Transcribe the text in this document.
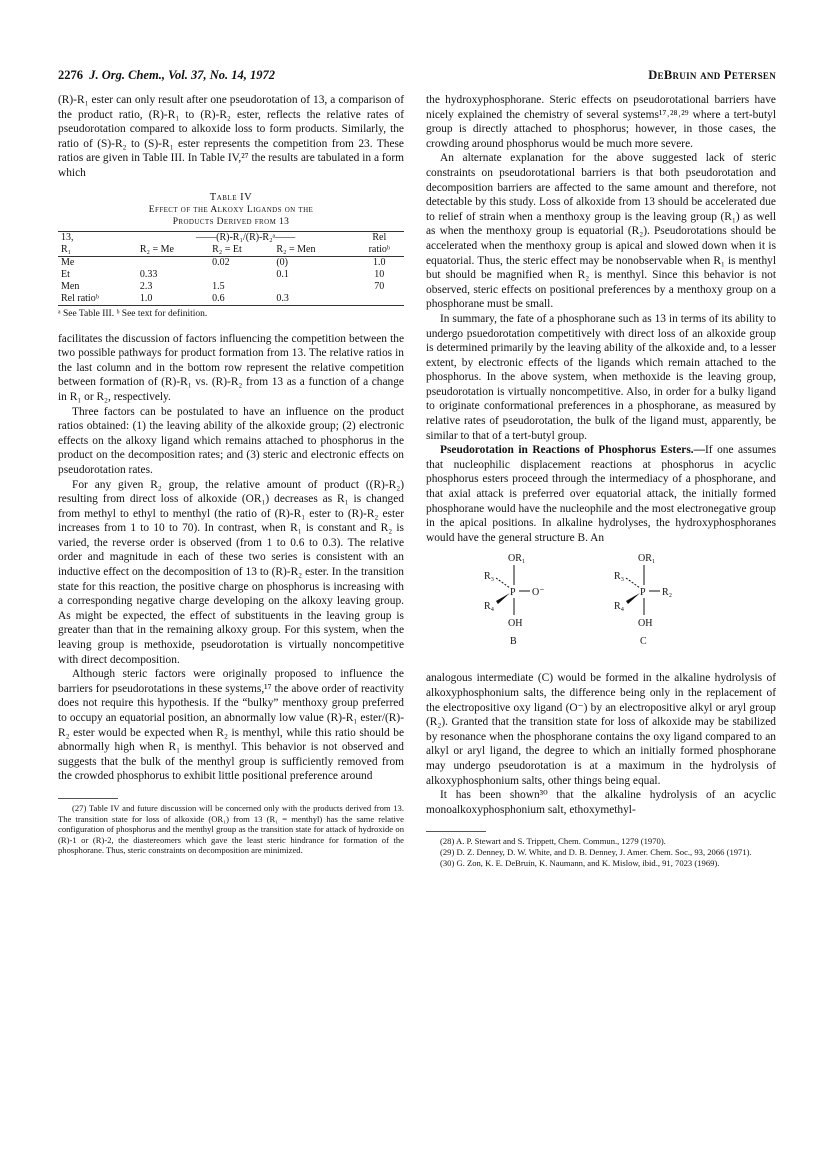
2276 J. Org. Chem., Vol. 37, No. 14, 1972	DeBruin and Petersen

(R)-R₁ ester can only result after one pseudorotation of 13, a comparison of the product ratio, (R)-R₁ to (R)-R₂ ester, reflects the relative rates of pseudorotation compared to alkoxide loss to form products. Similarly, the ratio of (S)-R₂ to (S)-R₁ ester represents the competition from 23. These ratios are given in Table III. In Table IV,²⁷ the results are tabulated in a form which

Table IV
Effect of the Alkoxy Ligands on the
Products Derived from 13
13,	——(R)-R₁/(R)-R₂ᵃ——			Rel
R₁	R₂ = Me	R₂ = Et	R₂ = Men	ratioᵇ
Me		0.02	(0)	1.0
Et	0.33		0.1	10
Men	2.3	1.5		70
Rel ratioᵇ	1.0	0.6	0.3	
ᵃ See Table III. ᵇ See text for definition.

facilitates the discussion of factors influencing the competition between the two possible pathways for product formation from 13. The relative ratios in the last column and in the bottom row represent the relative competition between formation of (R)-R₁ vs. (R)-R₂ from 13 as a function of a change in R₁ or R₂, respectively.

Three factors can be postulated to have an influence on the product ratios obtained: (1) the leaving ability of the alkoxide group; (2) electronic effects on the alkoxy ligand which remains attached to phosphorus in the product on the decomposition rates; and (3) steric and electronic effects on pseudorotation rates.

For any given R₂ group, the relative amount of product ((R)-R₂) resulting from direct loss of alkoxide (OR₁) decreases as R₁ is changed from methyl to ethyl to menthyl (the ratio of (R)-R₁ ester to (R)-R₂ ester increases from 1 to 10 to 70). In contrast, when R₁ is constant and R₂ is varied, the reverse order is observed (from 1 to 0.6 to 0.3). The relative order and magnitude in each of these two series is consistent with an inductive effect on the decomposition of 13 to (R)-R₂ ester. In the transition state for this reaction, the positive charge on phosphorus is increasing with a corresponding negative charge developing on the alkoxy leaving group. As might be expected, the effect of substituents in the leaving group is greater than that in the remaining alkoxy group. For this system, when the leaving group is methoxide, pseudorotation is virtually noncompetitive with direct decomposition.

Although steric factors were originally proposed to influence the barriers for pseudorotations in these systems,¹⁷ the above order of reactivity does not require this hypothesis. If the “bulky” menthoxy group preferred to occupy an equatorial position, an abnormally low value (R)-R₁ ester/(R)-R₂ ester would be expected when R₂ is menthyl, while this ratio should be abnormally high when R₁ is menthyl. This behavior is not observed and suggests that the bulk of the menthyl group is sufficiently removed from the crowded phosphorus to exhibit little positional preference around

(27) Table IV and future discussion will be concerned only with the products derived from 13. The transition state for loss of alkoxide (OR₁) from 13 (R₁ = menthyl) has the same relative configuration of phosphorus and the menthyl group as the transition state for attack of hydroxide on (R)-1 or (R)-2, the diastereomers which gave the least steric hindrance for formation of the phosphorane. Thus, steric constraints on decomposition are minimized.

the hydroxyphosphorane. Steric effects on pseudorotational barriers have nicely explained the chemistry of several systems¹⁷˒²⁸˒²⁹ where a tert-butyl group is directly attached to phosphorus; however, in those cases, the crowding around phosphorus would be much more severe.

An alternate explanation for the above suggested lack of steric constraints on pseudorotational barriers is that both pseudorotation and decomposition barriers are affected to the same amount and therefore, not detectable by this study. Loss of alkoxide from 13 should be accelerated due to relief of strain when a menthoxy group is the leaving group (R₁) as well as when the menthoxy group is equatorial (R₂). Pseudorotations should be accelerated when the menthoxy group is apical and slowed down when it is equatorial. Thus, the steric effect may be nonobservable when R₁ is menthyl but should be magnified when R₂ is menthyl. Since this behavior is not observed, steric effects on positional preferences by a menthoxy group on a phosphorane must be small.

In summary, the fate of a phosphorane such as 13 in terms of its ability to undergo psuedorotation competitively with direct loss of an alkoxide group is determined primarily by the leaving ability of the alkoxide and, to a lesser extent, by electronic effects of the ligands which remain attached to the phosphorus. In the above system, when methoxide is the leaving group, pseudorotation is virtually noncompetitive. Also, in order for a bulky ligand to originate conformational preferences in a phosphorane, as measured by relative rates of pseudorotation, the bulk of the ligand must, apparently, be similar to that of a tert-butyl group.

Pseudorotation in Reactions of Phosphorus Esters.—If one assumes that nucleophilic displacement reactions at phosphorus in acyclic phosphorus esters proceed through the intermediacy of a phosphorane, and that axial attack is preferred over equatorial attack, the initially formed phosphorane would have the nucleophile and the most electronegative group in the apical positions. In alkaline hydrolyses, the hydroxyphosphoranes would have the general structure B. An

OR₁
R₃
P O⁻
R₄
OH
B
OR₁
R₃
P R₂
R₄
OH
C

analogous intermediate (C) would be formed in the alkaline hydrolysis of alkoxyphosphonium salts, the difference being only in the replacement of the electropositive oxy ligand (O⁻) by an electropositive alkyl or aryl group (R₂). Granted that the transition state for loss of alkoxide may be stabilized by resonance when the phosphorane contains the oxy ligand compared to an alkyl or aryl ligand, the degree to which an initially formed phosphorane may undergo pseudorotation is at a maximum in the hydrolysis of alkoxyphosphonium salts, other things being equal.

It has been shown³⁰ that the alkaline hydrolysis of an acyclic monoalkoxyphosphonium salt, ethoxymethyl-

(28) A. P. Stewart and S. Trippett, Chem. Commun., 1279 (1970).
(29) D. Z. Denney, D. W. White, and D. B. Denney, J. Amer. Chem. Soc., 93, 2066 (1971).
(30) G. Zon, K. E. DeBruin, K. Naumann, and K. Mislow, ibid., 91, 7023 (1969).
